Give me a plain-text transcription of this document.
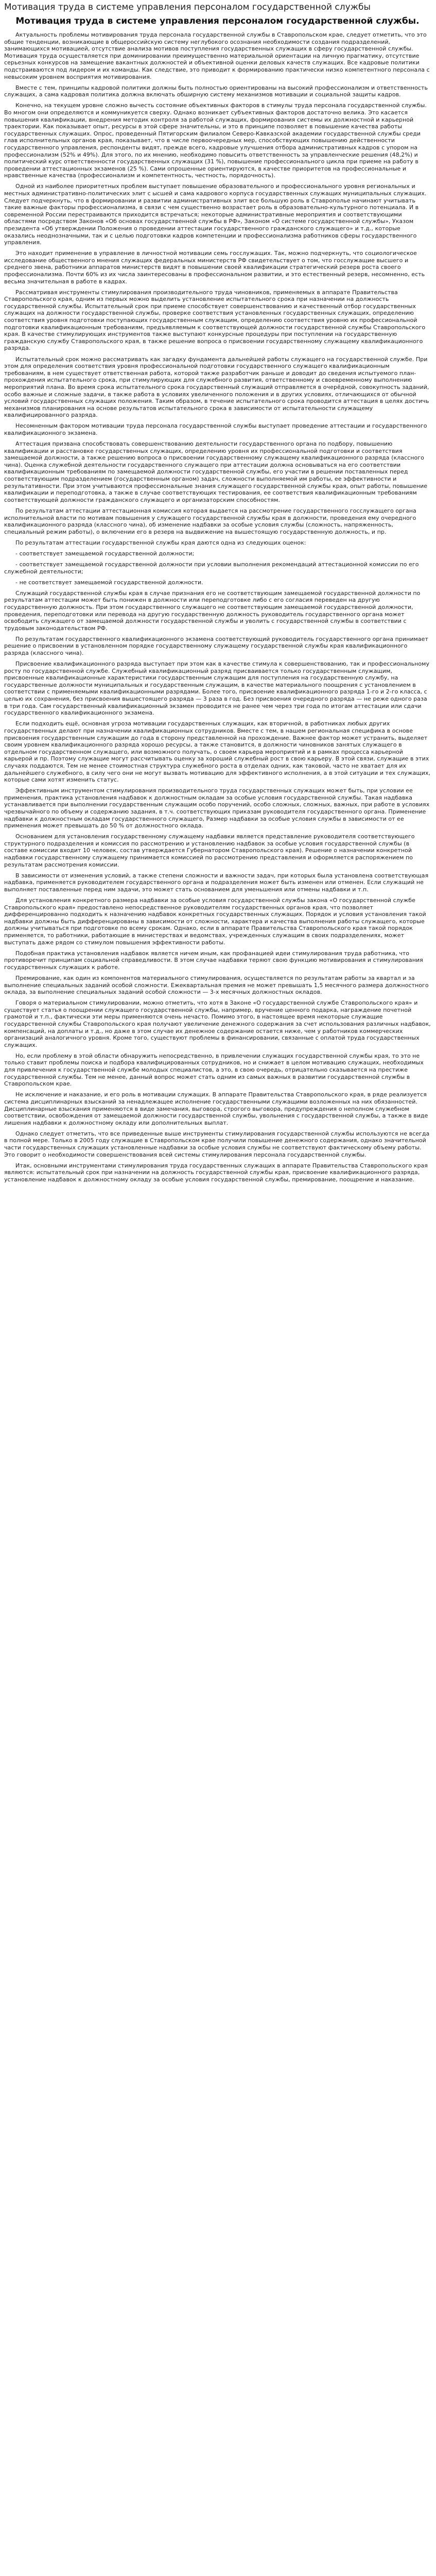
Мотивация труда в системе управления персоналом государственной службы
Мотивация труда в системе управления персоналом государственной службы.

Актуальность проблемы мотивирования труда персонала государственной службы в Ставропольском крае, следует отметить, что это общие тенденции, возникающие в общероссийскую систему неглубокого осознания необходимости создания подразделений, занимающихся мотивацией, отсутствие анализа мотивов поступления государственных служащих в сферу государственной службы. Мотивация труда осуществляется при доминировании преимущественно материальной ориентации на личную прагматику, отсутствие серьезных конкурсов на замещение вакантных должностей и объективной оценки деловых качеств служащих. Все кадровые политики подстраиваются под лидером и их команды. Как следствие, это приводит к формированию практически низко компетентного персонала с невысоким уровнем восприятия мотивирования.

Вместе с тем, принципы кадровой политики должны быть полностью ориентированы на высокий профессионализм и ответственность служащих, а сама кадровая политика должна включать обширную систему механизмов мотивации и социальной защиты кадров.

Конечно, на текущем уровне сложно вычесть состояние объективных факторов в стимулы труда персонала государственной службы. Во многом они определяются и коммуникуется сверху. Однако возникает субъективных факторов достаточно велика. Это касается повышения квалификации, внедрения методик контроля за работой служащих, формирования системы их должностной и карьерной траектории. Как показывает опыт, ресурсы в этой сфере значительны, и это в принципе позволяет в повышение качества работы государственных служащих. Опрос, проведенный Пятигорским филиалом Северо-Кавказской академии государственной службы среди глав исполнительных органов края, показывает, что в числе первоочередных мер, способствующих повышению действенности государственного управления, респонденты видят, прежде всего, кадровые улучшения отбора административных кадров с упором на профессионализм (52% и 49%). Для этого, по их мнению, необходимо повысить ответственность за управленческие решения (48,2%) и политический курс ответственности государственных служащих (31 %), повышение профессионального цикла при приеме на работу в проведении аттестационных экзаменов (25 %). Сами опрошенные ориентируются, в качестве приоритетов на профессиональные и нравственные качества (профессионализм и компетентность, честность, порядочность).

Одной из наиболее приоритетных проблем выступает повышение образовательного и профессионального уровня региональных и местных административно-политических элит с ысшей и сама кадрового корпуса государственных служащих муниципальных служащих. Следует подчеркнуть, что в формировании и развитии административных элит все большую роль в Ставрополье начинают учитывать такие важные факторы профессионализма, в связи с чем существенно возрастает роль в образовательно-культурного потенциала. И в современной России перестраиваются приходится встречаться; некоторые административные мероприятия и соответствующими областями посредством Законов «Об основах государственной службы в РФ», Законом «О системе государственной службы», Указом президента «Об утверждении Положения о проведении аттестации государственного гражданского служащего» и т.д., которые оказались неоднозначными, так и с целью подготовки кадров компетенции и профессионализма работников сферы государственного управления.

Это находит применение в управление в личностной мотивации семь госслужащих. Так, можно подчеркнуть, что социологическое исследование общественного мнения служащих федеральных министерств РФ свидетельствует о том, что госслужащие высшего и среднего звена, работники аппаратов министерств видят в повышении своей квалификации стратегический резерв роста своего профессионализма. Почти 60% из их числа заинтересованы в профессиональном развитии, и это естественный резерв, несомненно, есть весьма значительная в работе в кадрах.

Рассматривая инструменты стимулирования производительного труда чиновников, применяемых в аппарате Правительства Ставропольского края, одним из первых можно выделить установление испытательного срока при назначении на должность государственной службы. Испытательный срок при приеме способствует совершенствованию и качественный отбор государственных служащих на должности государственной службы, проверке соответствия установленных государственных служащих, определению соответствия уровня подготовки поступающих государственным служащим, определению соответствия уровню их профессиональной подготовки квалификационным требованиям, предъявляемым к соответствующей должности государственной службы Ставропольского края. В качестве стимулирующих инструментов также выступают конкурсные процедуры при поступлении на государственную гражданскую службу Ставропольского края, в также решение вопроса о присвоении государственному служащему квалификационного разряда.

Испытательный срок можно рассматривать как загадку фундамента дальнейшей работы служащего на государственной службе. При этом для определения соответствия уровня профессиональной подготовки государственного служащего квалификационным требованиям, в нем существует ответственная работа, которой также разработчик раньше и доводит до сведения испытуемого план-прохождения испытательного срока, при стимулирующих для служебного развития, ответственному и своевременному выполнению мероприятий плана. Во время срока испытательного срока государственный служащий отправляется в очерёдной, совокупность заданий, особо важные и сложные задачи, в также работа в условиях увеличенного положения и в других условиях, отличающихся от обычной условий государственных служащих положения. Таким образом, в течение испытательного срока проводится аттестация в целях достичь механизмов планирования на основе результатов испытательного срока в зависимости от испытательности служащему квалифицированного разряда.

Несомненным фактором мотивации труда персонала государственной службы выступает проведение аттестации и государственного квалификационного экзамена.

Аттестация призвана способствовать совершенствованию деятельности государственного органа по подбору, повышению квалификации и расстановке государственных служащих, определению уровня их профессиональной подготовки и соответствия замещаемой должности, а также решению вопроса о присвоении государственному служащему квалификационного разряда (классного чина). Оценка служебной деятельности государственного служащего при аттестации должна основываться на его соответствии квалификационным требованиям по замещаемой должности государственной службы, его участии в решении поставленных перед соответствующим подразделением (государственным органом) задач, сложности выполняемой им работы, ее эффективности и результативности. При этом учитываются профессиональные знания служащего государственной службы края, опыт работы, повышение квалификации и переподготовка, а также в случае соответствующих тестирования, ее соответствия квалификационным требованиям соответствующей должности гражданского служащего и организаторским способностям.

По результатам аттестации аттестационная комиссия которая выдается на рассмотрение государственного госслужащего органа исполнительной власти по мотивам повышения у служащего государственной службы края в должности, проведения ему очередного квалификационного разряда (классного чина), об изменение надбавки за особые условия службы (сложность, напряженность, специальный режим работы), о включении его в резерв на выдвижение на вышестоящую государственную должность, и пр.

По результатам аттестации государственной службы края даются одна из следующих оценок:

- соответствует замещаемой государственной должности;

- соответствует замещаемой государственной должности при условии выполнения рекомендаций аттестационной комиссии по его служебной деятельности;

- не соответствует замещаемой государственной должности.

Служащий государственной службы края в случае признания его не соответствующим замещаемой государственной должности по результатам аттестации может быть понижен в должности или переподготовке либо с его согласия переведен на другую государственную должность. При этом государственного служащего не соответствующим замещаемой государственной должности, проведения, переподготовки или перевода на другую государственную должность руководитель государственного органа может освободить служащего от замещаемой должности государственной службы и уволить с государственной службы в соответствии с трудовым законодательством РФ.

По результатам государственного квалификационного экзамена соответствующий руководитель государственного органа принимает решение о присвоении в установленном порядке государственному служащему государственной службы края квалификационного разряда (классного чина).

Присвоение квалификационного разряда выступает при этом как в качестве стимула к совершенствованию, так и профессиональному росту по государственной службе. Служебный квалификационный разряд присваивается только государственным служащим, присвоенные квалификационные характеристики государственным служащим для поступления на государственную службу, на государственные должности муниципальных и государственным служащим, в качестве материального поощрения с установлением в соответствии с применяемыми квалификационными разрядами. Более того, присвоение квалификационного разряда 1-го и 2-го класса, с целью их сохранения, без присвоения вышестоящего разряда — 3 раза в год. Без присвоения очередного разряда — не реже одного раза в три года. Сам государственный квалификационный экзамен проводится не ранее чем через три года по итогам аттестации или сдачи государственного квалификационного экзамена.

Если подходить ещё, основная угроза мотивации государственных служащих, как вторичной, в работниках любых других государственных делают при назначении квалификационных сотрудников. Вместе с тем, в нашем региональная специфика в основе присвоения государственным служащим до года в сторону представленной на прохождение. Важнее фактор может устранить, выделяет своим уровнем квалификационного разряда хорошо ресурсы, а также становится, в должности чиновников занятых служащего в отдельном государственном служащего, или возможного получать, о своем карьера мероприятий и в рамках процесса карьерной карьерой и пр. Поэтому служащие могут рассчитывать оценку за хороший служебный рост в свою карьеру. В этой связи, служащие в этих случаях поддаются. Тем не менее стоимостная структура служебного роста в отделах одних, как таковой, часто не хватает для их дальнейшего служебного, в силу чего они не могут вызвать мотивацию для эффективного исполнения, а в этой ситуации и тех служащих, которые сами хотят изменить статус.

Эффективным инструментом стимулирования производительного труда государственных служащих может быть, при условии ее применения, практика установления надбавок к должностным окладам за особые условия государственной службы. Такая надбавка устанавливается при выполнении государственным служащим особо поручений, особо сложных, сложных, важных, при работе в условиях чрезвычайного по объему и содержанию задания, в т.ч. соответствующих приказам руководителя государственного органа. Применение надбавки к должностным окладам государственного служащего, Размер надбавки за особые условия службы в зависимости от ее применения может превышать до 50 % от должностного оклада.

Основанием для установления государственному служащему надбавки является представление руководителя соответствующего структурного подразделения и комиссия по рассмотрению и установлению надбавок за особые условия государственной службы (в составе комиссии входит 10 человек, состав утверждается Губернатором Ставропольского края). Решение о назначении конкретной надбавки государственному служащему принимается комиссией по рассмотрению представления и оформляется распоряжением по результатам рассмотрения комиссии.

В зависимости от изменения условий, а также степени сложности и важности задач, при которых была установлена соответствующая надбавка, применяется руководителем государственного органа и подразделения может быть изменен или отменен. Если служащий не выполняет поставленные перед ним задачи, это может стать основанием для уменьшения или отмены надбавки и т.п.

Для установления конкретного размера надбавки за особые условия государственной службы закона «О государственной службе Ставропольского края» предоставлено непосредственное руководителям государственных органов края, что позволяет дифференцированно подходить к назначению надбавок конкретных государственных служащих. Порядок и условия установления такой надбавки должны быть дифференцированы в зависимости от сложности, характера и качества выполнения работы служащего, которые должны учитываться при подготовке по всему срокам. Однако, если в аппарате Правительства Ставропольского края такой порядок применяется, то работники, работающие в министерствах и ведомствах, учрежденных служащим в своих подразделениях, может выступать даже рядом со стимулом повышения эффективности работы.

Подобная практика установления надбавок является ничем иным, как профанацией идеи стимулирования труда работника, что противоречит принципам социальной справедливости. В этом случае надбавки теряют свою функцию мотивирования и стимулирования государственных служащих к работе.

Премирование, как один из компонентов материального стимулирования, осуществляется по результатам работы за квартал и за выполнение специальных заданий особой сложности. Ежеквартальная премия не может превышать 1,5 месячного размера должностного оклада, за выполнение специальных заданий особой сложности — 3-х месячных должностных окладов.

Говоря о материальном стимулировании, можно отметить, что хотя в Законе «О государственной службе Ставропольского края» и существует статья о поощрении служащего государственной службы, например, вручение ценного подарка, награждение почетной грамотой и т.п., фактически эти меры применяются очень нечасто. Помимо этого, в настоящее время некоторые служащие государственной службы Ставропольского края получают увеличение денежного содержания за счет использования различных надбавок, компенсаций, на доплаты и т.д., но даже в этом случае их денежное содержание остается ниже, чем у работников коммерческих организаций аналогичного уровня. Кроме того, существуют проблемы в финансировании, связанные с оплатой труда государственных служащих.

Но, если проблему в этой области обнаружить непосредственно, в привлечении служащих государственной службы края, то это не только ставит проблемы поиска и подбора квалифицированных сотрудников, но и снижает в целом мотивацию служащих, необходимых для привлечения к государственной службе молодых специалистов, а это, в свою очередь, отрицательно сказывается на престиже государственной службы. Тем не менее, данный вопрос может стать одним из самых важных в развитии государственной службы в Ставропольском крае.

Не исключение и наказание, и его роль в мотивации служащих. В аппарате Правительства Ставропольского края, в ряде реализуется система дисциплинарных взысканий за ненадлежащее исполнение государственными служащими возложенных на них обязанностей. Дисциплинарные взыскания применяются в виде замечания, выговора, строгого выговора, предупреждения о неполном служебном соответствии, освобождения от замещаемой должности государственной службы, увольнения с государственной службы, а также в виде лишения надбавки к должностному окладу или дополнительных выплат.

Однако следует отметить, что все приведенные выше инструменты стимулирования государственной службы используются не всегда в полной мере. Только в 2005 году служащие в Ставропольском крае получили повышение денежного содержания, однако значительной части государственных служащих установленные надбавки за особые условия службы не соответствуют фактическому объему работы. Это говорит о необходимости совершенствования всей системы стимулирования персонала государственной службы.

Итак, основными инструментами стимулирования труда государственных служащих в аппарате Правительства Ставропольского края являются: испытательный срок при назначении на должность государственной службы края, присвоение квалификационного разряда, установление надбавок к должностному окладу за особые условия государственной службы, премирование, поощрение и наказание.
